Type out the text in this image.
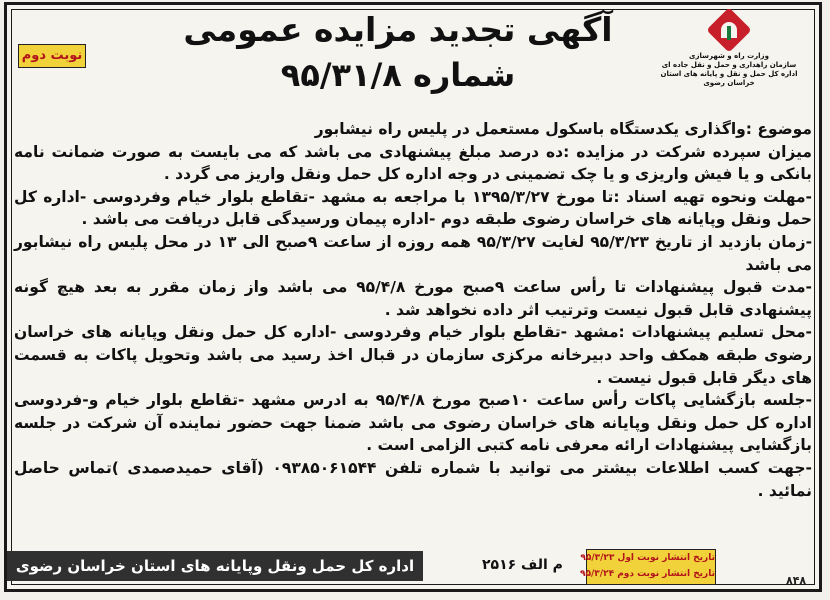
وزارت راه و شهرسازی
سازمان راهداری و حمل و نقل جاده ای
اداره کل حمل و نقل و پایانه های استان
خراسان رضوی
آگهی تجدید مزایده عمومی
شماره ۹۵/۳۱/۸
نوبت دوم

موضوع :واگذاری یکدستگاه باسکول مستعمل در پلیس راه نیشابور

میزان سپرده شرکت در مزایده :ده درصد مبلغ پیشنهادی می باشد که می بایست به صورت ضمانت نامه بانکی و یا فیش واریزی و یا چک تضمینی در وجه اداره کل حمل ونقل واریز می گردد .

-مهلت ونحوه تهیه اسناد :تا مورخ ۱۳۹۵/۳/۲۷ با مراجعه به مشهد -تقاطع بلوار خیام وفردوسی -اداره کل حمل ونقل وپایانه های خراسان رضوی طبقه دوم -اداره پیمان ورسیدگی قابل دریافت می باشد .

-زمان بازدید از تاریخ ۹۵/۳/۲۳ لغایت ۹۵/۳/۲۷ همه روزه از ساعت ۹صبح الی ۱۳ در محل پلیس راه نیشابور می باشد

-مدت قبول پیشنهادات تا رأس ساعت ۹صبح مورخ ۹۵/۴/۸ می باشد واز زمان مقرر به بعد هیچ گونه پیشنهادی قابل قبول نیست وترتیب اثر داده نخواهد شد .

-محل تسلیم پیشنهادات :مشهد -تقاطع بلوار خیام وفردوسی -اداره کل حمل ونقل وپایانه های خراسان رضوی طبقه همکف واحد دبیرخانه مرکزی سازمان در قبال اخذ رسید می باشد وتحویل پاکات به قسمت های دیگر قابل قبول نیست .

-جلسه بازگشایی پاکات رأس ساعت ۱۰صبح مورخ ۹۵/۴/۸ به ادرس مشهد -تقاطع بلوار خیام و-فردوسی اداره کل حمل ونقل وپایانه های خراسان رضوی می باشد ضمنا جهت حضور نماینده آن شرکت در جلسه بازگشایی پیشنهادات ارائه معرفی نامه کتبی الزامی است .

-جهت کسب اطلاعات بیشتر می توانید با شماره تلفن ۰۹۳۸۵۰۶۱۵۴۴ (آقای حمیدصمدی )تماس حاصل نمائید .

تاریخ انتشار نوبت اول ۹۵/۳/۲۳
تاریخ انتشار نوبت دوم ۹۵/۳/۲۴
م الف ۲۵۱۶
اداره کل حمل ونقل وپایانه های استان خراسان رضوی
۸۴۸
